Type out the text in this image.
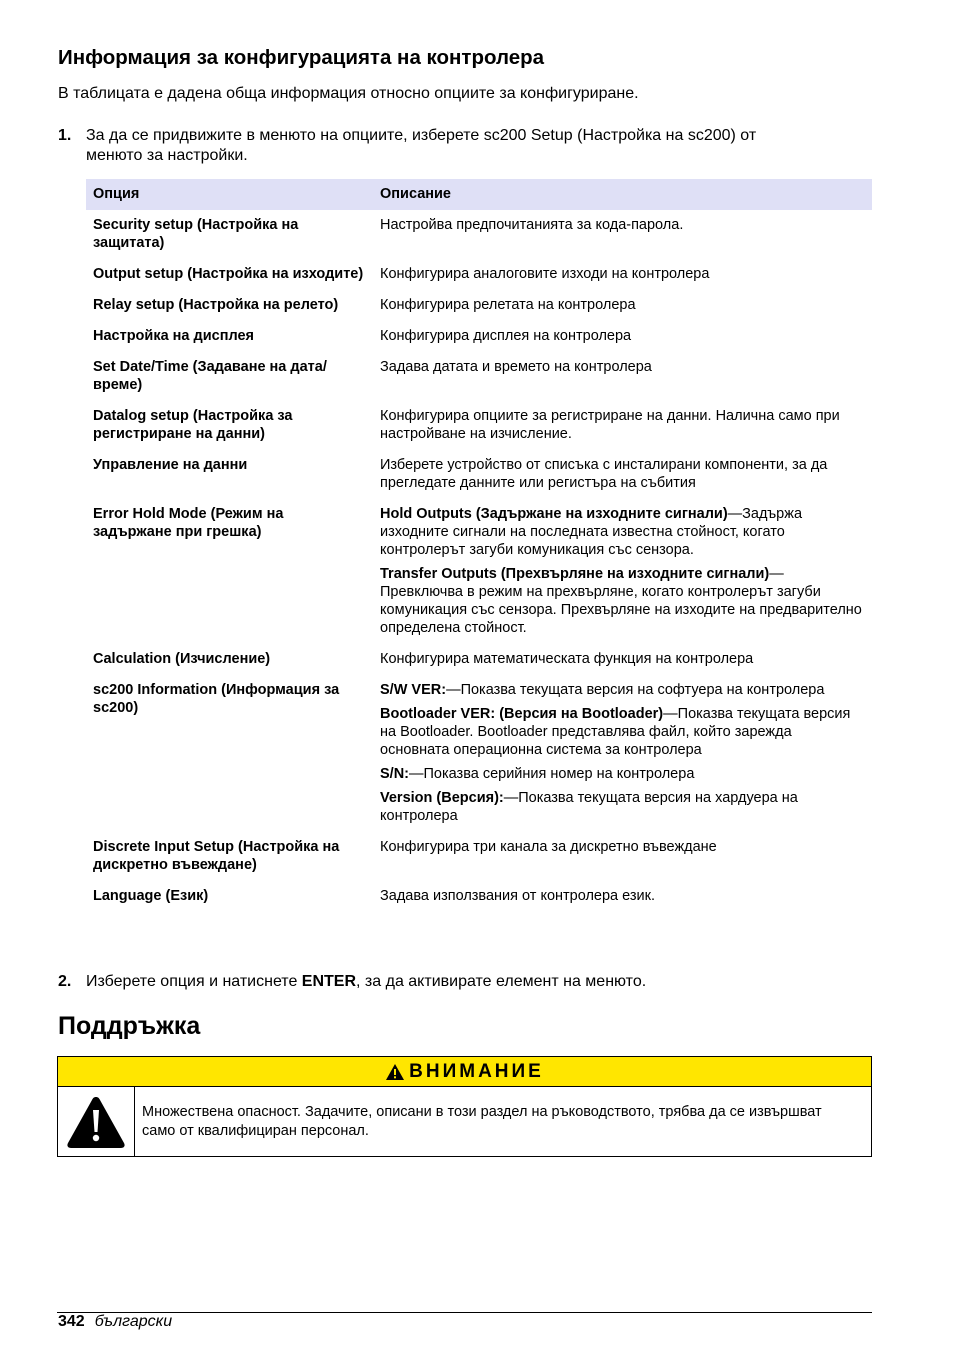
Информация за конфигурацията на контролера

В таблицата е дадена обща информация относно опциите за конфигуриране.

1. За да се придвижите в менюто на опциите, изберете sc200 Setup (Настройка на sc200) от
менюто за настройки.
Опция	Описание
Security setup (Настройка на защитата)	Настройва предпочитанията за кода-парола.

Output setup (Настройка на изходите)	Конфигурира аналоговите изходи на контролера

Relay setup (Настройка на релето)	Конфигурира релетата на контролера

Настройка на дисплея	Конфигурира дисплея на контролера

Set Date/Time (Задаване на дата/време)	Задава датата и времето на контролера

Datalog setup (Настройка за регистриране на данни)	Конфигурира опциите за регистриране на данни. Налична само при настройване на изчисление.

Управление на данни	Изберете устройство от списъка с инсталирани компоненти, за да прегледате данните или регистъра на събития

Error Hold Mode (Режим на задържане при грешка)	Hold Outputs (Задържане на изходните сигнали)—Задържа изходните сигнали на последната известна стойност, когато контролерът загуби комуникация със сензора.
Transfer Outputs (Прехвърляне на изходните сигнали)—Превключва в режим на прехвърляне, когато контролерът загуби комуникация със сензора. Прехвърляне на изходите на предварително определена стойност.

Calculation (Изчисление)	Конфигурира математическата функция на контролера

sc200 Information (Информация за sc200)	S/W VER:—Показва текущата версия на софтуера на контролера
Bootloader VER: (Версия на Bootloader)—Показва текущата версия на Bootloader. Bootloader представлява файл, който зарежда основната операционна система за контролера
S/N:—Показва серийния номер на контролера
Version (Версия):—Показва текущата версия на хардуера на контролера

Discrete Input Setup (Настройка на дискретно въвеждане)	Конфигурира три канала за дискретно въвеждане

Language (Език)	Задава използвания от контролера език.
2. Изберете опция и натиснете ENTER, за да активирате елемент на менюто.
Поддръжка
ВНИМАНИЕ
Множествена опасност. Задачите, описани в този раздел на ръководството, трябва да се извършват само от квалифициран персонал.
342 български
